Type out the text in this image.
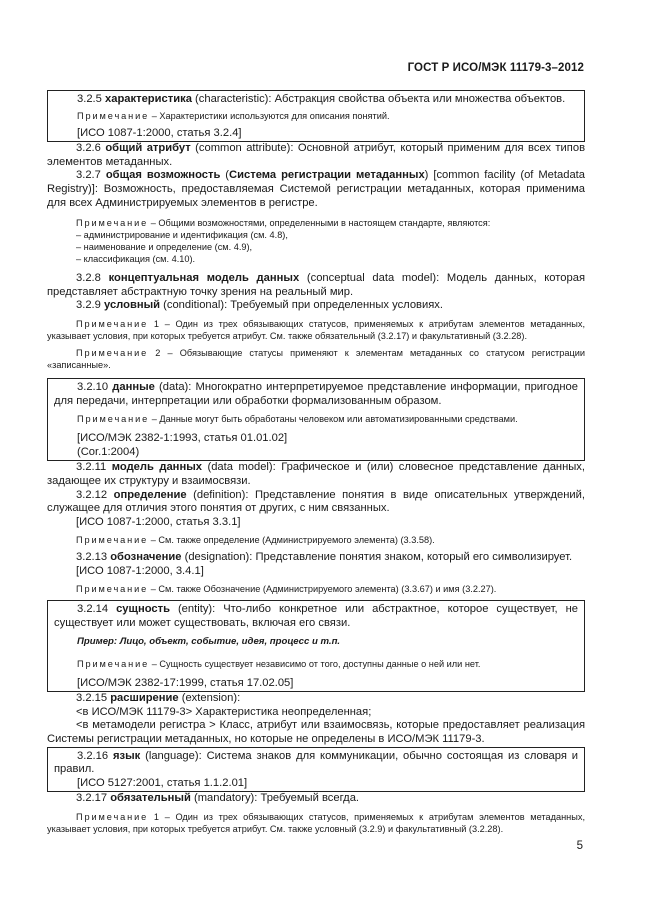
ГОСТ Р ИСО/МЭК 11179-3–2012

3.2.5 характеристика (characteristic): Абстракция свойства объекта или множества объектов.

Примечание – Характеристики используются для описания понятий.

[ИСО 1087-1:2000, статья 3.2.4]

3.2.6 общий атрибут (common attribute): Основной атрибут, который применим для всех типов элементов метаданных.

3.2.7 общая возможность (Система регистрации метаданных) [common facility (of Metadata Registry)]: Возможность, предоставляемая Системой регистрации метаданных, которая применима для всех Администрируемых элементов в регистре.

Примечание – Общими возможностями, определенными в настоящем стандарте, являются:

– администрирование и идентификация (см. 4.8),

– наименование и определение (см. 4.9),

– классификация (см. 4.10).

3.2.8 концептуальная модель данных (conceptual data model): Модель данных, которая представляет абстрактную точку зрения на реальный мир.

3.2.9 условный (conditional): Требуемый при определенных условиях.

Примечание 1 – Один из трех обязывающих статусов, применяемых к атрибутам элементов метаданных, указывает условия, при которых требуется атрибут. См. также обязательный (3.2.17) и факультативный (3.2.28).

Примечание 2 – Обязывающие статусы применяют к элементам метаданных со статусом регистрации «записанные».

3.2.10 данные (data): Многократно интерпретируемое представление информации, пригодное для передачи, интерпретации или обработки формализованным образом.

Примечание – Данные могут быть обработаны человеком или автоматизированными средствами.

[ИСО/МЭК 2382-1:1993, статья 01.01.02]

(Cor.1:2004)

3.2.11 модель данных (data model): Графическое и (или) словесное представление данных, задающее их структуру и взаимосвязи.

3.2.12 определение (definition): Представление понятия в виде описательных утверждений, служащее для отличия этого понятия от других, с ним связанных.

[ИСО 1087-1:2000, статья 3.3.1]

Примечание – См. также определение (Администрируемого элемента) (3.3.58).

3.2.13 обозначение (designation): Представление понятия знаком, который его символизирует.

[ИСО 1087-1:2000, 3.4.1]

Примечание – См. также Обозначение (Администрируемого элемента) (3.3.67) и имя (3.2.27).

3.2.14 сущность (entity): Что-либо конкретное или абстрактное, которое существует, не существует или может существовать, включая его связи.

Пример: Лицо, объект, событие, идея, процесс и т.п.

Примечание – Сущность существует независимо от того, доступны данные о ней или нет.

[ИСО/МЭК 2382-17:1999, статья 17.02.05]

3.2.15 расширение (extension):

<в ИСО/МЭК 11179-3> Характеристика неопределенная;

<в метамодели регистра > Класс, атрибут или взаимосвязь, которые предоставляет реализация Системы регистрации метаданных, но которые не определены в ИСО/МЭК 11179-3.

3.2.16 язык (language): Система знаков для коммуникации, обычно состоящая из словаря и правил.

[ИСО 5127:2001, статья 1.1.2.01]

3.2.17 обязательный (mandatory): Требуемый всегда.

Примечание 1 – Один из трех обязывающих статусов, применяемых к атрибутам элементов метаданных, указывает условия, при которых требуется атрибут. См. также условный (3.2.9) и факультативный (3.2.28).

5
